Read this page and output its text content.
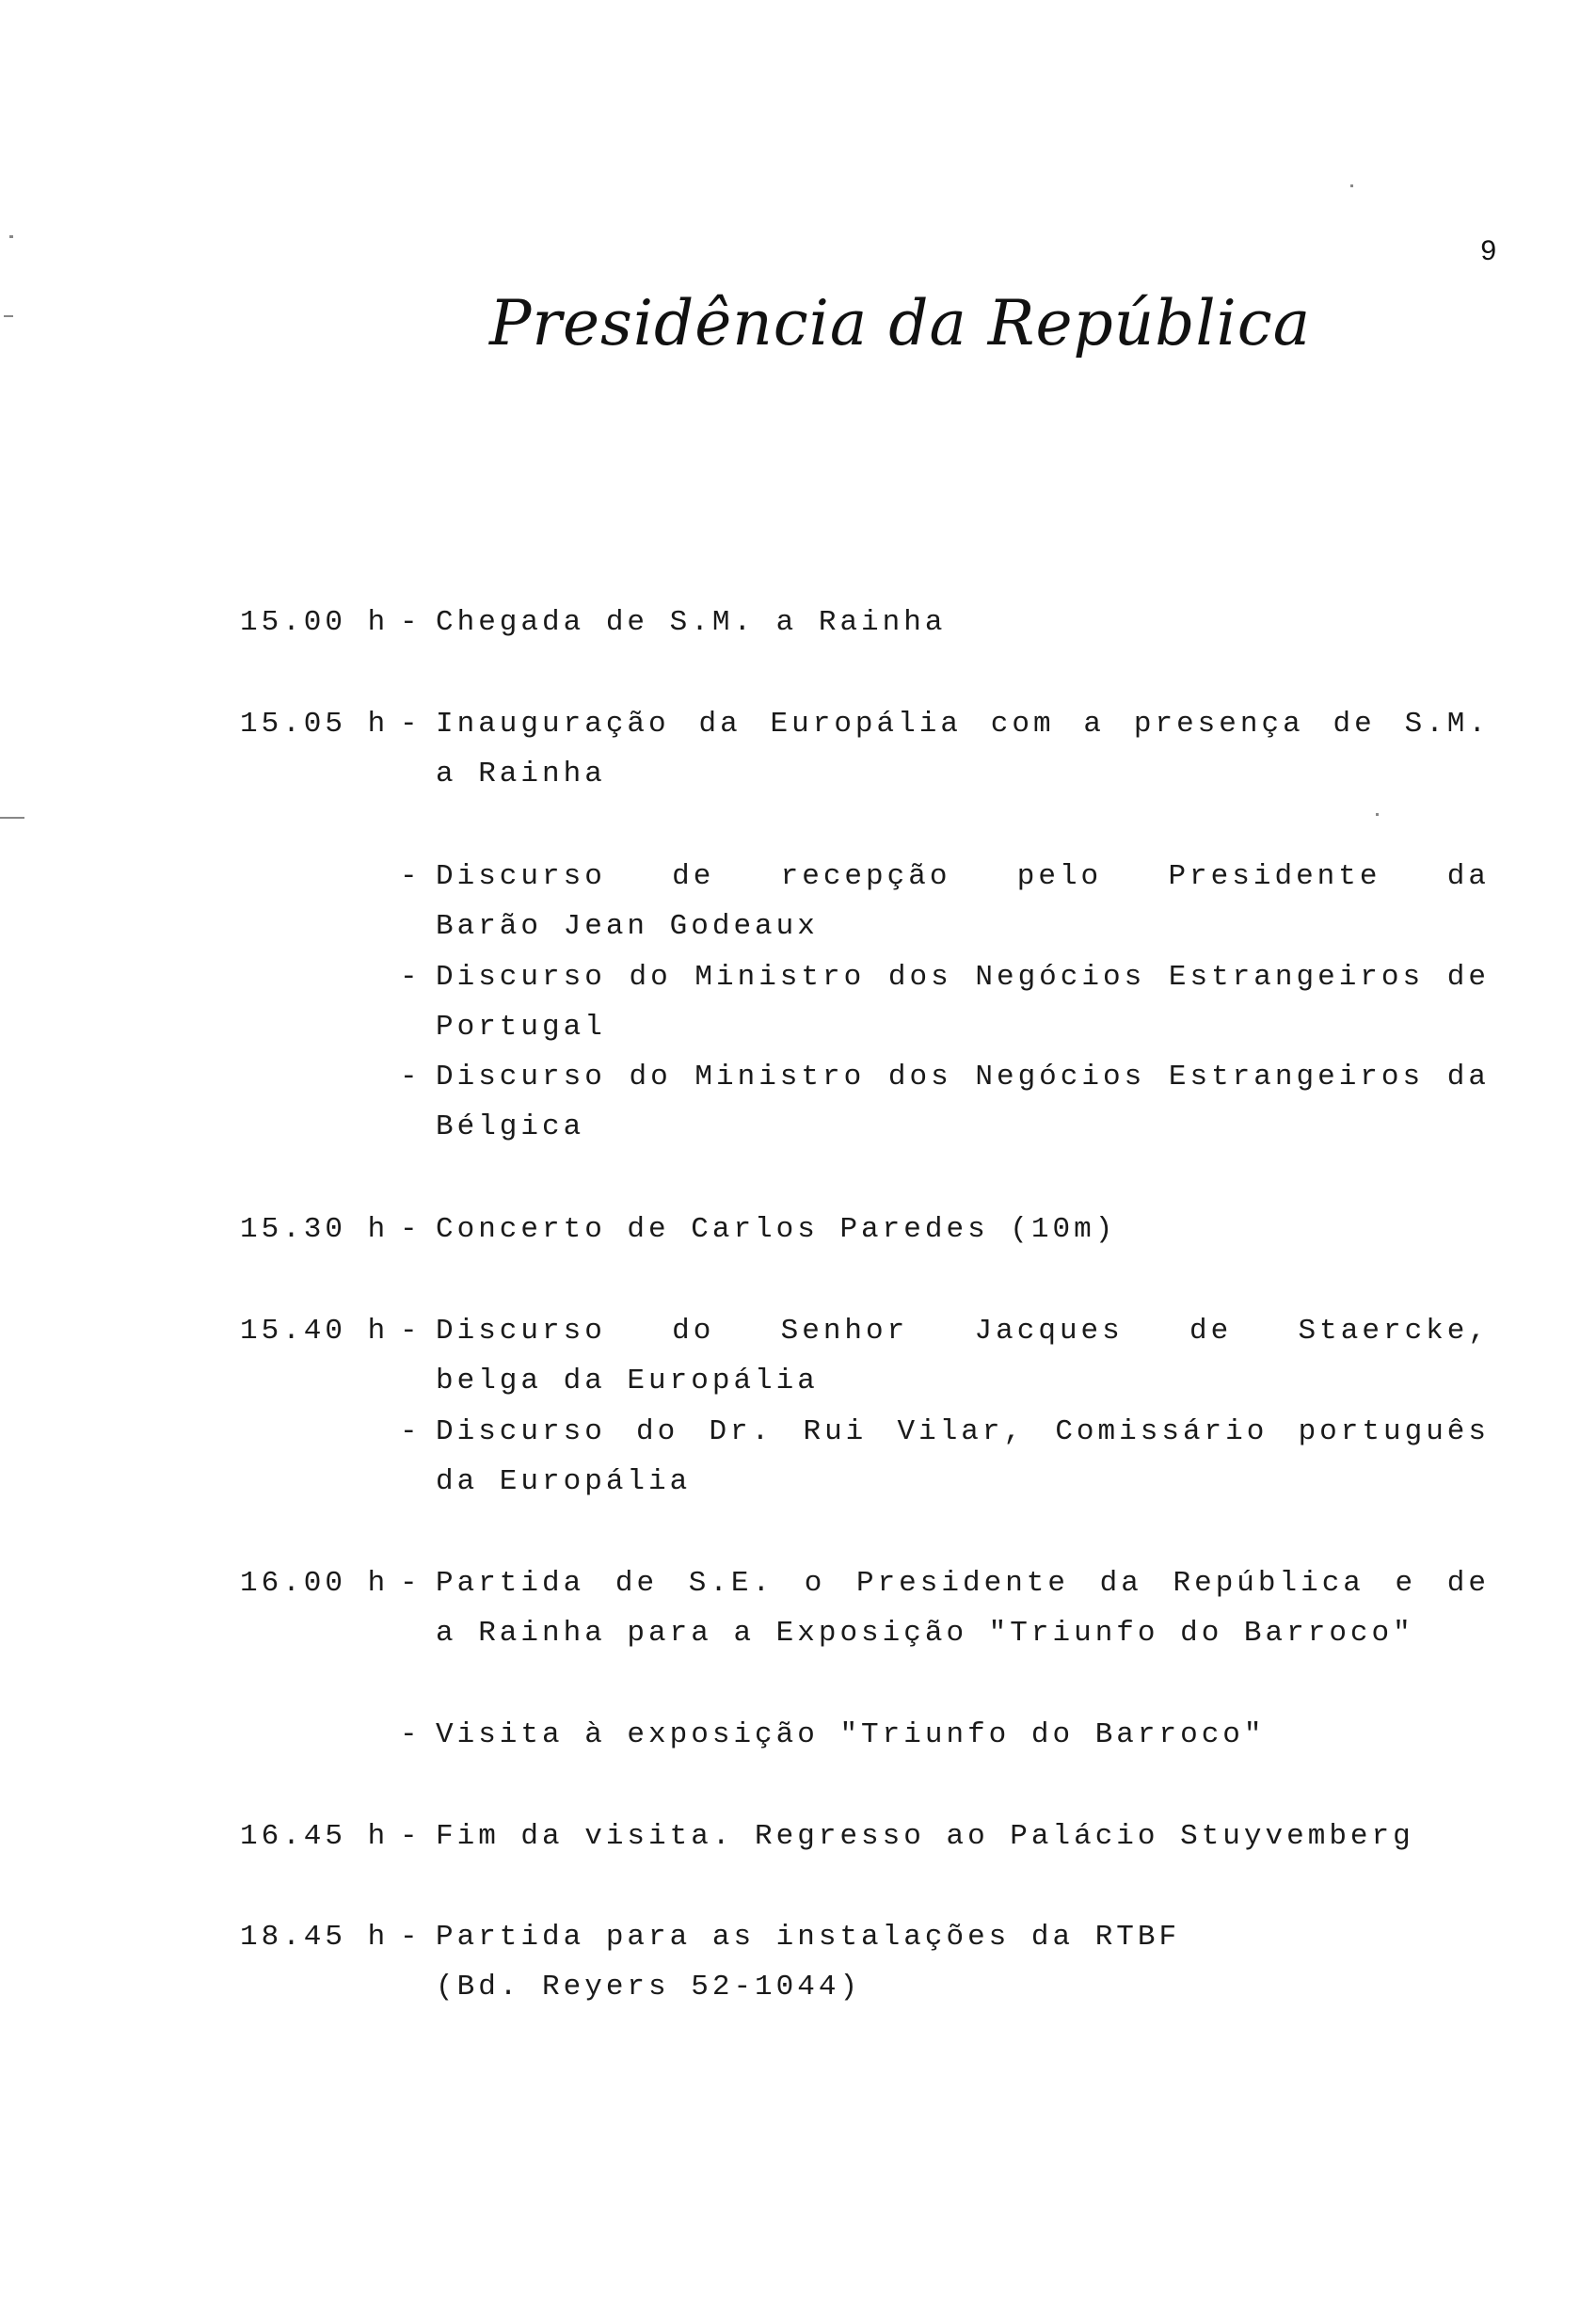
9
Presidência da República
15.00 h - Chegada de S.M. a Rainha
15.05 h - Inauguração da Europália com a presença de S.M.
a Rainha
- Discurso de recepção pelo Presidente da
Barão Jean Godeaux
- Discurso do Ministro dos Negócios Estrangeiros de
Portugal
- Discurso do Ministro dos Negócios Estrangeiros da
Bélgica
15.30 h - Concerto de Carlos Paredes (10m)
15.40 h - Discurso do Senhor Jacques de Staercke,
belga da Europália
- Discurso do Dr. Rui Vilar, Comissário português
da Europália
16.00 h - Partida de S.E. o Presidente da República e de
a Rainha para a Exposição "Triunfo do Barroco"
- Visita à exposição "Triunfo do Barroco"
16.45 h - Fim da visita. Regresso ao Palácio Stuyvemberg
18.45 h - Partida para as instalações da RTBF
(Bd. Reyers 52-1044)
